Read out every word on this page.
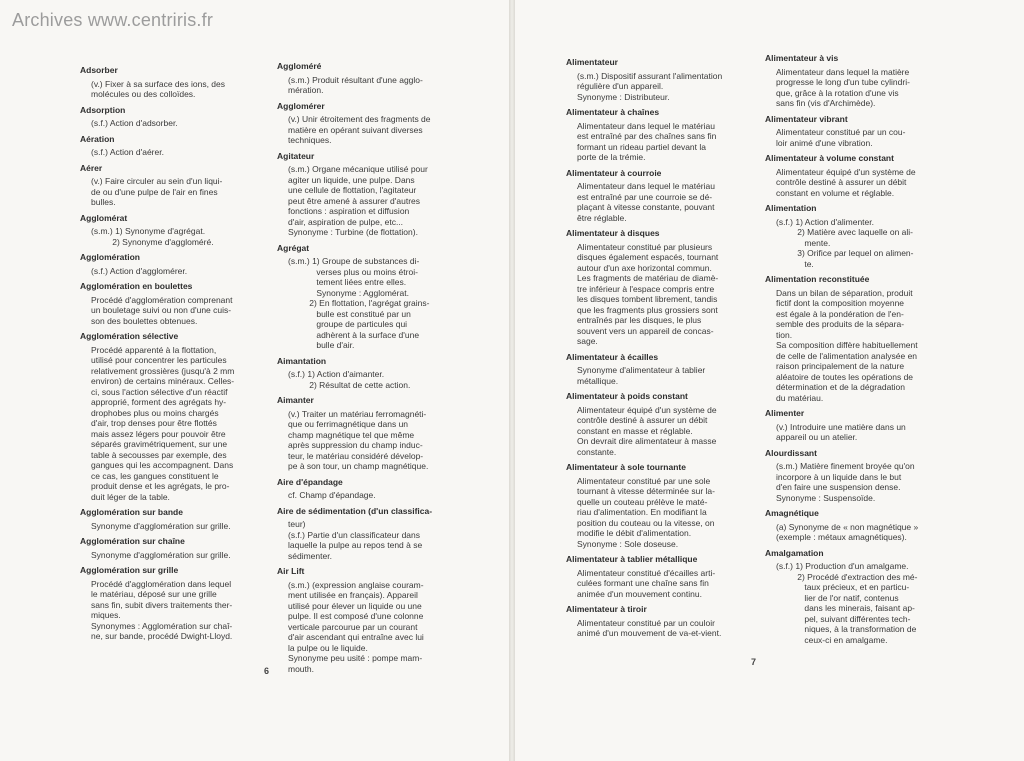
Archives www.centriris.fr
Adsorber
(v.) Fixer à sa surface des ions, des
molécules ou des colloïdes.
Adsorption
(s.f.) Action d'adsorber.
Aération
(s.f.) Action d'aérer.
Aérer
(v.) Faire circuler au sein d'un liqui-
de ou d'une pulpe de l'air en fines
bulles.
Agglomérat
(s.m.) 1) Synonyme d'agrégat.
2) Synonyme d'aggloméré.
Agglomération
(s.f.) Action d'agglomérer.
Agglomération en boulettes
Procédé d'agglomération comprenant
un bouletage suivi ou non d'une cuis-
son des boulettes obtenues.
Agglomération sélective
Procédé apparenté à la flottation,
utilisé pour concentrer les particules
relativement grossières (jusqu'à 2 mm
environ) de certains minéraux. Celles-
ci, sous l'action sélective d'un réactif
approprié, forment des agrégats hy-
drophobes plus ou moins chargés
d'air, trop denses pour être flottés
mais assez légers pour pouvoir être
séparés gravimétriquement, sur une
table à secousses par exemple, des
gangues qui les accompagnent. Dans
ce cas, les gangues constituent le
produit dense et les agrégats, le pro-
duit léger de la table.
Agglomération sur bande
Synonyme d'agglomération sur grille.
Agglomération sur chaîne
Synonyme d'agglomération sur grille.
Agglomération sur grille
Procédé d'agglomération dans lequel
le matériau, déposé sur une grille
sans fin, subit divers traitements ther-
miques.
Synonymes : Agglomération sur chaî-
ne, sur bande, procédé Dwight-Lloyd.
Aggloméré
(s.m.) Produit résultant d'une agglo-
mération.
Agglomérer
(v.) Unir étroitement des fragments de
matière en opérant suivant diverses
techniques.
Agitateur
(s.m.) Organe mécanique utilisé pour
agiter un liquide, une pulpe. Dans
une cellule de flottation, l'agitateur
peut être amené à assurer d'autres
fonctions : aspiration et diffusion
d'air, aspiration de pulpe, etc...
Synonyme : Turbine (de flottation).
Agrégat
(s.m.) 1) Groupe de substances di-
verses plus ou moins étroi-
tement liées entre elles.
Synonyme : Agglomérat.
2) En flottation, l'agrégat grains-
bulle est constitué par un
groupe de particules qui
adhèrent à la surface d'une
bulle d'air.
Aimantation
(s.f.) 1) Action d'aimanter.
2) Résultat de cette action.
Aimanter
(v.) Traiter un matériau ferromagnéti-
que ou ferrimagnétique dans un
champ magnétique tel que même
après suppression du champ induc-
teur, le matériau considéré dévelop-
pe à son tour, un champ magnétique.
Aire d'épandage
cf. Champ d'épandage.
Aire de sédimentation (d'un classifica-
teur)
(s.f.) Partie d'un classificateur dans
laquelle la pulpe au repos tend à se
sédimenter.
Air Lift
(s.m.) (expression anglaise couram-
ment utilisée en français). Appareil
utilisé pour élever un liquide ou une
pulpe. Il est composé d'une colonne
verticale parcourue par un courant
d'air ascendant qui entraîne avec lui
la pulpe ou le liquide.
Synonyme peu usité : pompe mam-
mouth.
6
Alimentateur
(s.m.) Dispositif assurant l'alimentation
régulière d'un appareil.
Synonyme : Distributeur.
Alimentateur à chaînes
Alimentateur dans lequel le matériau
est entraîné par des chaînes sans fin
formant un rideau partiel devant la
porte de la trémie.
Alimentateur à courroie
Alimentateur dans lequel le matériau
est entraîné par une courroie se dé-
plaçant à vitesse constante, pouvant
être réglable.
Alimentateur à disques
Alimentateur constitué par plusieurs
disques également espacés, tournant
autour d'un axe horizontal commun.
Les fragments de matériau de diamè-
tre inférieur à l'espace compris entre
les disques tombent librement, tandis
que les fragments plus grossiers sont
entraînés par les disques, le plus
souvent vers un appareil de concas-
sage.
Alimentateur à écailles
Synonyme d'alimentateur à tablier
métallique.
Alimentateur à poids constant
Alimentateur équipé d'un système de
contrôle destiné à assurer un débit
constant en masse et réglable.
On devrait dire alimentateur à masse
constante.
Alimentateur à sole tournante
Alimentateur constitué par une sole
tournant à vitesse déterminée sur la-
quelle un couteau prélève le maté-
riau d'alimentation. En modifiant la
position du couteau ou la vitesse, on
modifie le débit d'alimentation.
Synonyme : Sole doseuse.
Alimentateur à tablier métallique
Alimentateur constitué d'écailles arti-
culées formant une chaîne sans fin
animée d'un mouvement continu.
Alimentateur à tiroir
Alimentateur constitué par un couloir
animé d'un mouvement de va-et-vient.
Alimentateur à vis
Alimentateur dans lequel la matière
progresse le long d'un tube cylindri-
que, grâce à la rotation d'une vis
sans fin (vis d'Archimède).
Alimentateur vibrant
Alimentateur constitué par un cou-
loir animé d'une vibration.
Alimentateur à volume constant
Alimentateur équipé d'un système de
contrôle destiné à assurer un débit
constant en volume et réglable.
Alimentation
(s.f.) 1) Action d'alimenter.
2) Matière avec laquelle on ali-
mente.
3) Orifice par lequel on alimen-
te.
Alimentation reconstituée
Dans un bilan de séparation, produit
fictif dont la composition moyenne
est égale à la pondération de l'en-
semble des produits de la sépara-
tion.
Sa composition diffère habituellement
de celle de l'alimentation analysée en
raison principalement de la nature
aléatoire de toutes les opérations de
détermination et de la dégradation
du matériau.
Alimenter
(v.) Introduire une matière dans un
appareil ou un atelier.
Alourdissant
(s.m.) Matière finement broyée qu'on
incorpore à un liquide dans le but
d'en faire une suspension dense.
Synonyme : Suspensoïde.
Amagnétique
(a) Synonyme de « non magnétique »
(exemple : métaux amagnétiques).
Amalgamation
(s.f.) 1) Production d'un amalgame.
2) Procédé d'extraction des mé-
taux précieux, et en particu-
lier de l'or natif, contenus
dans les minerais, faisant ap-
pel, suivant différentes tech-
niques, à la transformation de
ceux-ci en amalgame.
7
